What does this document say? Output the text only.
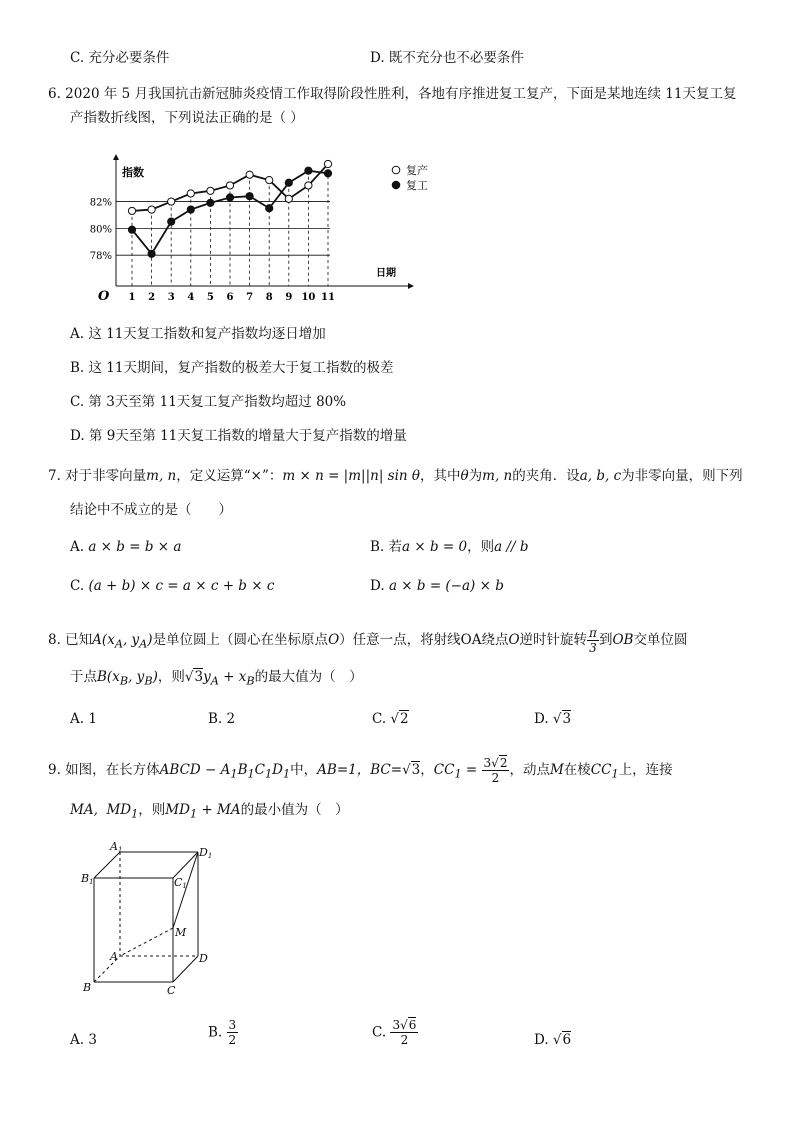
C. 充分必要条件	D. 既不充分也不必要条件
6. 2020 年 5 月我国抗击新冠肺炎疫情工作取得阶段性胜利，各地有序推进复工复产，下面是某地连续 11天复工复
产指数折线图，下列说法正确的是（ ）
78%
80%
82%
指数
日期
O 1 2 3 4 5 6 7 8 9 10 11
复产
复工
A. 这 11天复工指数和复产指数均逐日增加
B. 这 11天期间，复产指数的极差大于复工指数的极差
C. 第 3天至第 11天复工复产指数均超过 80%
D. 第 9天至第 11天复工指数的增量大于复产指数的增量
7. 对于非零向量m, n，定义运算“×”：m × n = |m||n| sin θ，其中θ为m, n的夹角．设a, b, c为非零向量，则下列
结论中不成立的是（　　）
A. a × b = b × a	B. 若a × b = 0，则a // b
C. (a + b) × c = a × c + b × c	D. a × b = (−a) × b
8. 已知$A(x_A$, $y_A$)是单位圆上（圆心在坐标原点O）任意一点，将射线OA绕点O逆时针旋转 $\frac{\pi}{3}$ 到OB交单位圆
于点$B(x_B$, $y_B$)，则$√3y_A + x_B$的最大值为（　）
A. 1	B. 2	C. √2	D. √3
9. 如图，在长方体ABCD − $A_1B_1C_1D_1$中，AB=1，BC=√3，$CC_1 = \frac{3√2}{2}$ ，动点M在棱$CC_1$上，连接
MA, $MD_1$，则$MD_1$ + MA的最小值为（　）
A1
B1	C1
D1
A
B	C
D
M
A. 3	B. $\frac{3}{2}$	C. $\frac{3√6}{2}$	D. √6
